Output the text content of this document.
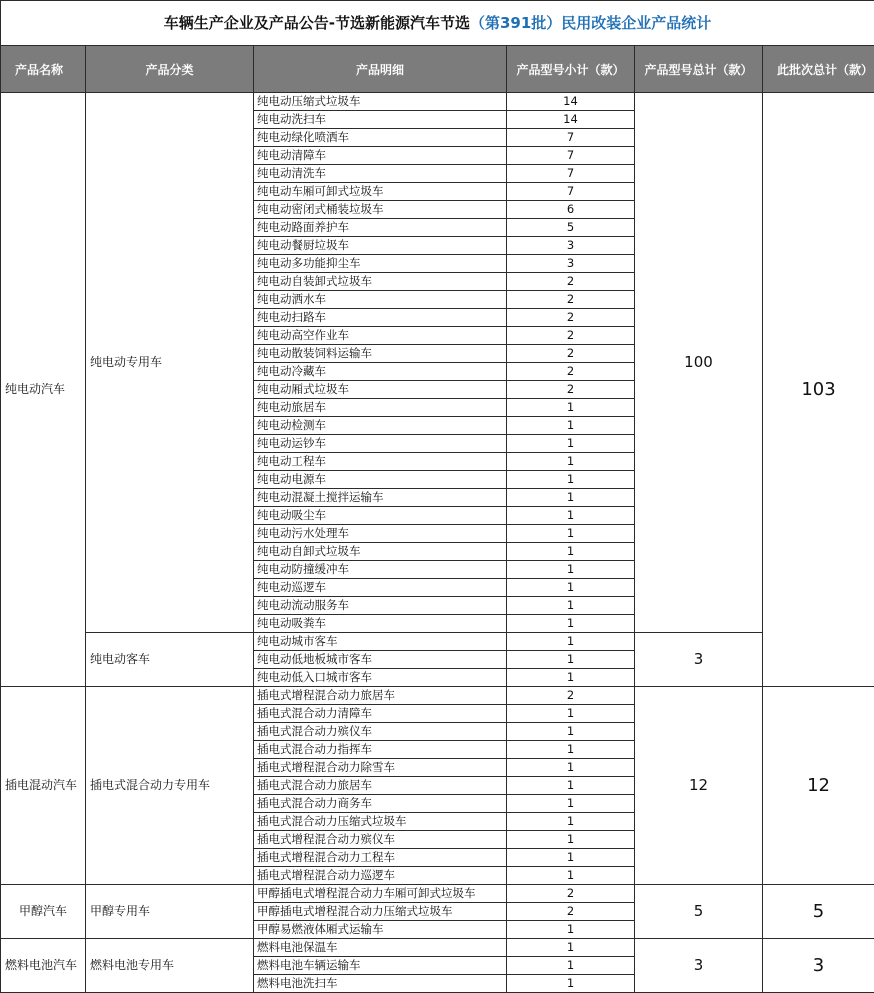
车辆生产企业及产品公告-节选新能源汽车节选（第391批）民用改装企业产品统计					
产品名称	产品分类	产品明细	产品型号小计（款）	产品型号总计（款）	此批次总计（款）
纯电动汽车	纯电动专用车	纯电动压缩式垃圾车	14	100	103
		纯电动洗扫车	14		
		纯电动绿化喷洒车	7		
		纯电动清障车	7		
		纯电动清洗车	7		
		纯电动车厢可卸式垃圾车	7		
		纯电动密闭式桶装垃圾车	6		
		纯电动路面养护车	5		
		纯电动餐厨垃圾车	3		
		纯电动多功能抑尘车	3		
		纯电动自装卸式垃圾车	2		
		纯电动洒水车	2		
		纯电动扫路车	2		
		纯电动高空作业车	2		
		纯电动散装饲料运输车	2		
		纯电动冷藏车	2		
		纯电动厢式垃圾车	2		
		纯电动旅居车	1		
		纯电动检测车	1		
		纯电动运钞车	1		
		纯电动工程车	1		
		纯电动电源车	1		
		纯电动混凝土搅拌运输车	1		
		纯电动吸尘车	1		
		纯电动污水处理车	1		
		纯电动自卸式垃圾车	1		
		纯电动防撞缓冲车	1		
		纯电动巡逻车	1		
		纯电动流动服务车	1		
		纯电动吸粪车	1		
	纯电动客车	纯电动城市客车	1	3	
		纯电动低地板城市客车	1		
		纯电动低入口城市客车	1		
插电混动汽车	插电式混合动力专用车	插电式增程混合动力旅居车	2	12	12
		插电式混合动力清障车	1		
		插电式混合动力殡仪车	1		
		插电式混合动力指挥车	1		
		插电式增程混合动力除雪车	1		
		插电式混合动力旅居车	1		
		插电式混合动力商务车	1		
		插电式混合动力压缩式垃圾车	1		
		插电式增程混合动力殡仪车	1		
		插电式增程混合动力工程车	1		
		插电式增程混合动力巡逻车	1		
甲醇汽车	甲醇专用车	甲醇插电式增程混合动力车厢可卸式垃圾车	2	5	5
		甲醇插电式增程混合动力压缩式垃圾车	2		
		甲醇易燃液体厢式运输车	1		
燃料电池汽车	燃料电池专用车	燃料电池保温车	1	3	3
		燃料电池车辆运输车	1		
		燃料电池洗扫车	1		
